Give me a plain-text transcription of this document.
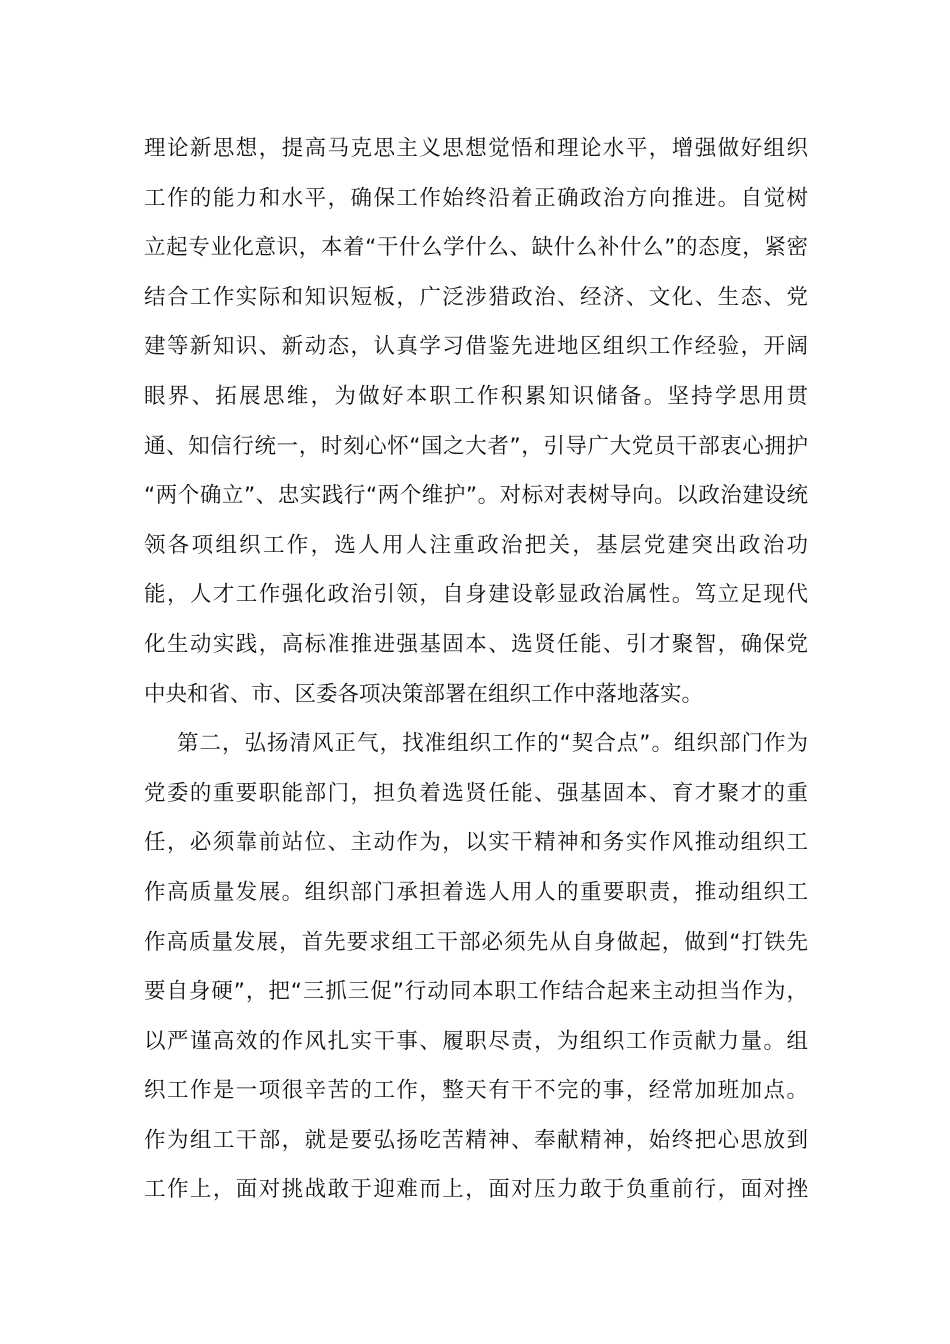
理论新思想，提高马克思主义思想觉悟和理论水平，增强做好组织
工作的能力和水平，确保工作始终沿着正确政治方向推进。自觉树
立起专业化意识，本着“干什么学什么、缺什么补什么”的态度，紧密
结合工作实际和知识短板，广泛涉猎政治、经济、文化、生态、党
建等新知识、新动态，认真学习借鉴先进地区组织工作经验，开阔
眼界、拓展思维，为做好本职工作积累知识储备。坚持学思用贯
通、知信行统一，时刻心怀“国之大者”，引导广大党员干部衷心拥护
“两个确立”、忠实践行“两个维护”。对标对表树导向。以政治建设统
领各项组织工作，选人用人注重政治把关，基层党建突出政治功
能，人才工作强化政治引领，自身建设彰显政治属性。笃立足现代
化生动实践，高标准推进强基固本、选贤任能、引才聚智，确保党
中央和省、市、区委各项决策部署在组织工作中落地落实。
第二，弘扬清风正气，找准组织工作的“契合点”。组织部门作为
党委的重要职能部门，担负着选贤任能、强基固本、育才聚才的重
任，必须靠前站位、主动作为，以实干精神和务实作风推动组织工
作高质量发展。组织部门承担着选人用人的重要职责，推动组织工
作高质量发展，首先要求组工干部必须先从自身做起，做到“打铁先
要自身硬”，把“三抓三促”行动同本职工作结合起来主动担当作为，
以严谨高效的作风扎实干事、履职尽责，为组织工作贡献力量。组
织工作是一项很辛苦的工作，整天有干不完的事，经常加班加点。
作为组工干部，就是要弘扬吃苦精神、奉献精神，始终把心思放到
工作上，面对挑战敢于迎难而上，面对压力敢于负重前行，面对挫
